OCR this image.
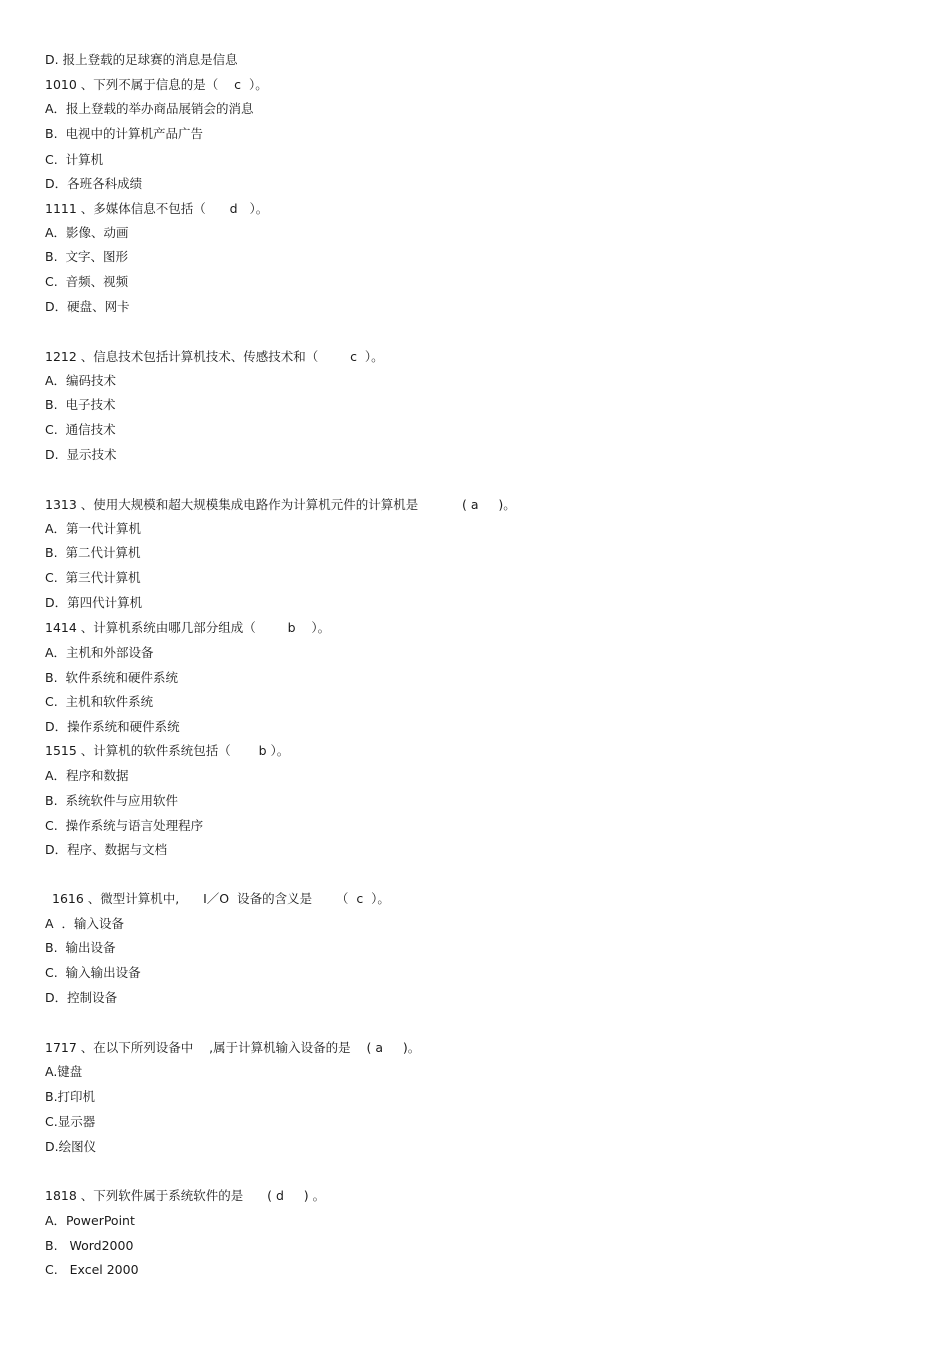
D. 报上登载的足球赛的消息是信息
1010 、下列不属于信息的是（    c  ）。
A．报上登载的举办商品展销会的消息
B.  电视中的计算机产品广告
C.  计算机
D．各班各科成绩
1111 、多媒体信息不包括（      d   ）。
A．影像、动画
B.  文字、图形
C.  音频、视频
D．硬盘、网卡
1212 、信息技术包括计算机技术、传感技术和（        c  ）。
A．编码技术
B.  电子技术
C.  通信技术
D.  显示技术
1313 、使用大规模和超大规模集成电路作为计算机元件的计算机是           ( a     )。
A．第一代计算机
B.  第二代计算机
C.  第三代计算机
D．第四代计算机
1414 、计算机系统由哪几部分组成（        b    ）。
A．主机和外部设备
B.  软件系统和硬件系统
C.  主机和软件系统
D．操作系统和硬件系统
1515 、计算机的软件系统包括（       b ）。
A．程序和数据
B.  系统软件与应用软件
C.  操作系统与语言处理程序
D．程序、数据与文档
1616 、微型计算机中,      I／O  设备的含义是      （  c  ）。
A  ．输入设备
B.  输出设备
C.  输入输出设备
D．控制设备
1717 、在以下所列设备中    ,属于计算机输入设备的是    ( a     )。
A.键盘
B.打印机
C.显示器
D.绘图仪
1818 、下列软件属于系统软件的是      ( d     ) 。
A．PowerPoint
B.   Word2000
C.   Excel 2000
